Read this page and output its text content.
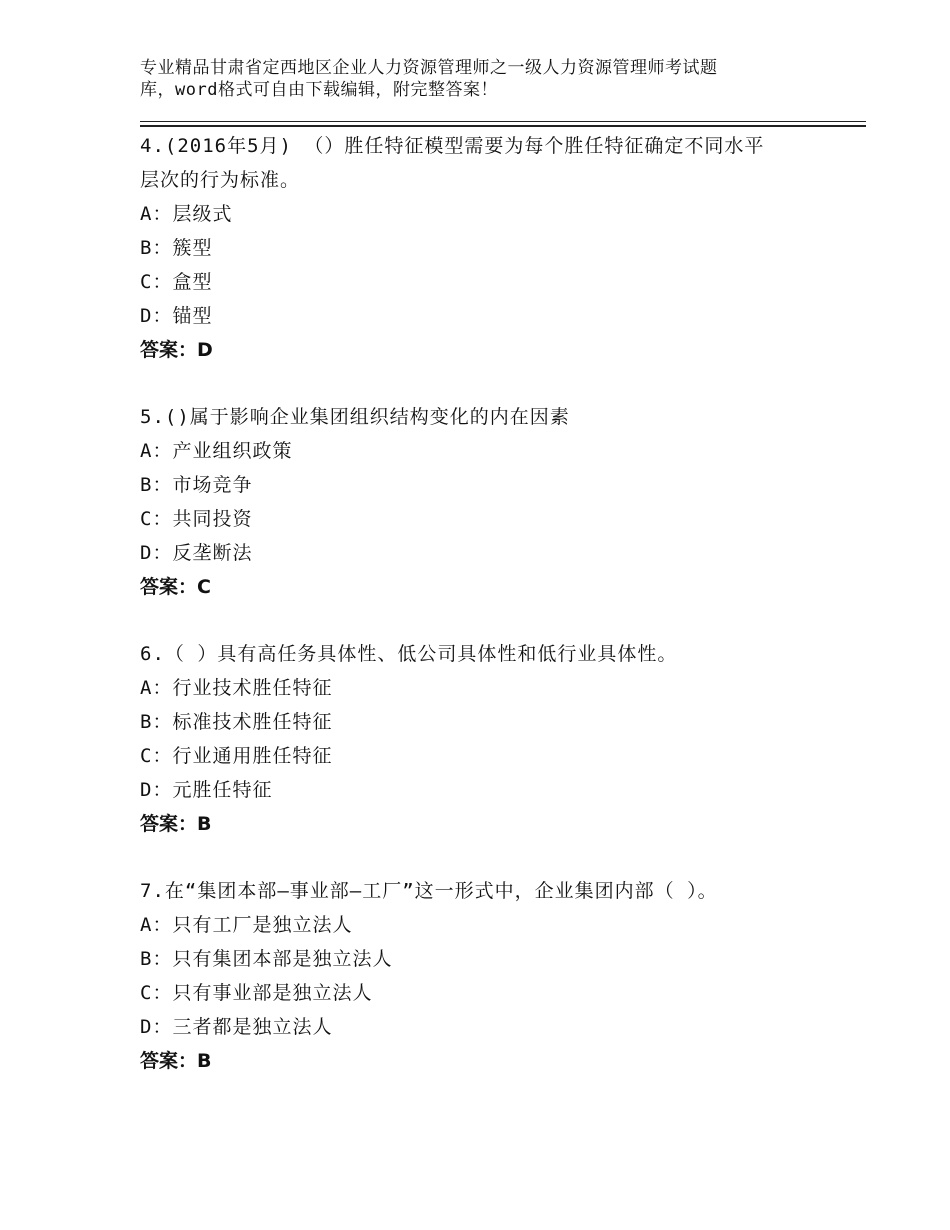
专业精品甘肃省定西地区企业人力资源管理师之一级人力资源管理师考试题
库，word格式可自由下载编辑，附完整答案！
4.(2016年5月) （）胜任特征模型需要为每个胜任特征确定不同水平
层次的行为标准。
A：层级式
B：簇型
C：盒型
D：锚型
答案：D
5.()属于影响企业集团组织结构变化的内在因素
A：产业组织政策
B：市场竞争
C：共同投资
D：反垄断法
答案：C
6.（ ）具有高任务具体性、低公司具体性和低行业具体性。
A：行业技术胜任特征
B：标准技术胜任特征
C：行业通用胜任特征
D：元胜任特征
答案：B
7.在“集团本部—事业部—工厂”这一形式中，企业集团内部（ ）。
A：只有工厂是独立法人
B：只有集团本部是独立法人
C：只有事业部是独立法人
D：三者都是独立法人
答案：B
